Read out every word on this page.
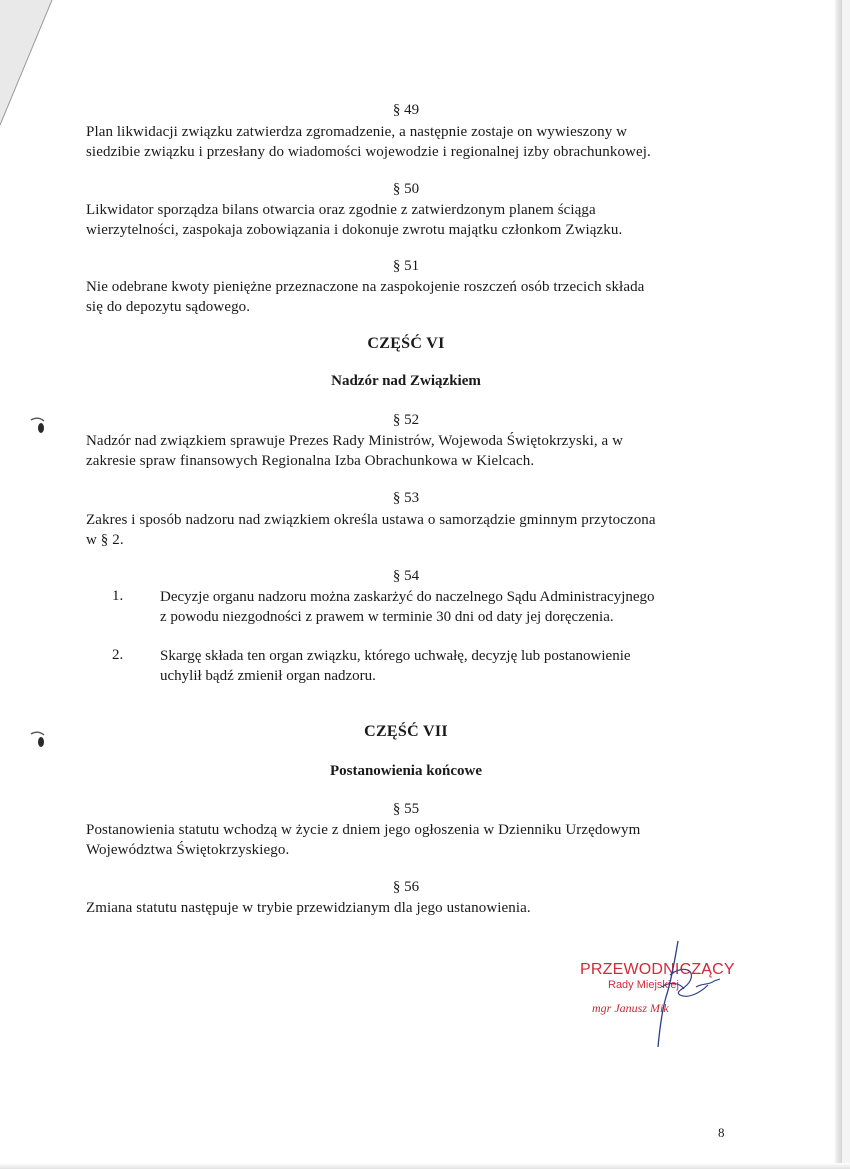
§ 49
Plan likwidacji związku zatwierdza zgromadzenie, a następnie zostaje on wywieszony w
siedzibie związku i przesłany do wiadomości wojewodzie i regionalnej izby obrachunkowej.
§ 50
Likwidator sporządza bilans otwarcia oraz zgodnie z zatwierdzonym planem ściąga
wierzytelności, zaspokaja zobowiązania i dokonuje zwrotu majątku członkom Związku.
§ 51
Nie odebrane kwoty pieniężne przeznaczone na zaspokojenie roszczeń osób trzecich składa
się do depozytu sądowego.
CZĘŚĆ VI
Nadzór nad Związkiem
§ 52
Nadzór nad związkiem sprawuje Prezes Rady Ministrów, Wojewoda Świętokrzyski, a w
zakresie spraw finansowych Regionalna Izba Obrachunkowa w Kielcach.
§ 53
Zakres i sposób nadzoru nad związkiem określa ustawa o samorządzie gminnym przytoczona
w § 2.
§ 54
1. Decyzje organu nadzoru można zaskarżyć do naczelnego Sądu Administracyjnego
z powodu niezgodności z prawem w terminie 30 dni od daty jej doręczenia.
2. Skargę składa ten organ związku, którego uchwałę, decyzję lub postanowienie
uchylił bądź zmienił organ nadzoru.
CZĘŚĆ VII
Postanowienia końcowe
§ 55
Postanowienia statutu wchodzą w życie z dniem jego ogłoszenia w Dzienniku Urzędowym
Województwa Świętokrzyskiego.
§ 56
Zmiana statutu następuje w trybie przewidzianym dla jego ustanowienia.
PRZEWODNICZĄCY
Rady Miejskiej
mgr Janusz Mik
8
